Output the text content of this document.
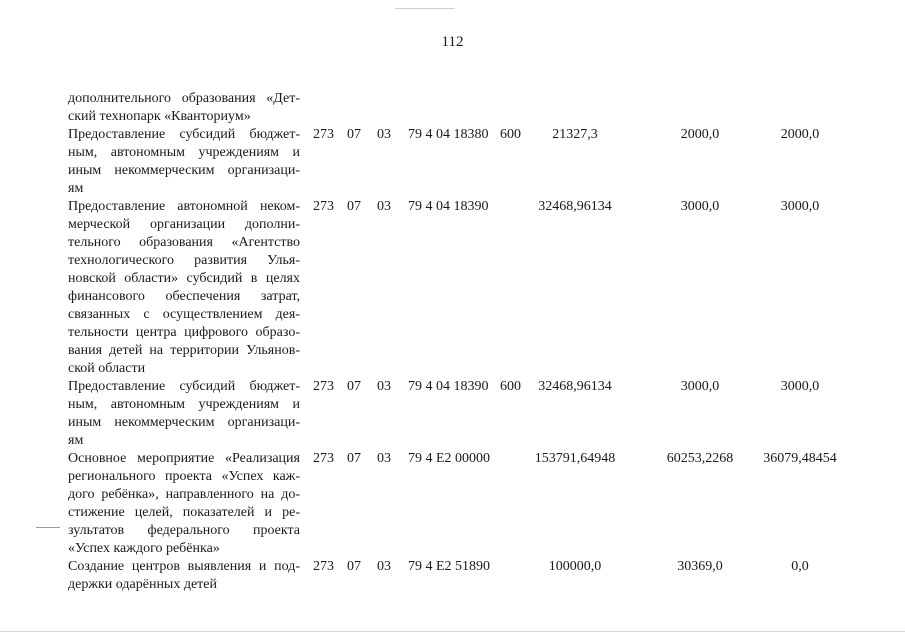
112
дополнительного образования «Дет-
ский технопарк «Кванториум»
Предоставление субсидий бюджет-
ным, автономным учреждениям и
иным некоммерческим организаци-
ям
273 07 03 79 4 04 18380 600	21327,3	2000,0	2000,0
Предоставление автономной неком-
мерческой организации дополни-
тельного образования «Агентство
технологического развития Улья-
новской области» субсидий в целях
финансового обеспечения затрат,
связанных с осуществлением дея-
тельности центра цифрового образо-
вания детей на территории Ульянов-
ской области
273 07 03 79 4 04 18390	32468,96134	3000,0	3000,0
Предоставление субсидий бюджет-
ным, автономным учреждениям и
иным некоммерческим организаци-
ям
273 07 03 79 4 04 18390 600	32468,96134	3000,0	3000,0
Основное мероприятие «Реализация
регионального проекта «Успех каж-
дого ребёнка», направленного на до-
стижение целей, показателей и ре-
зультатов федерального проекта
«Успех каждого ребёнка»
273 07 03 79 4 E2 00000	153791,64948	60253,2268	36079,48454
Создание центров выявления и под-
держки одарённых детей
273 07 03 79 4 E2 51890	100000,0	30369,0	0,0
